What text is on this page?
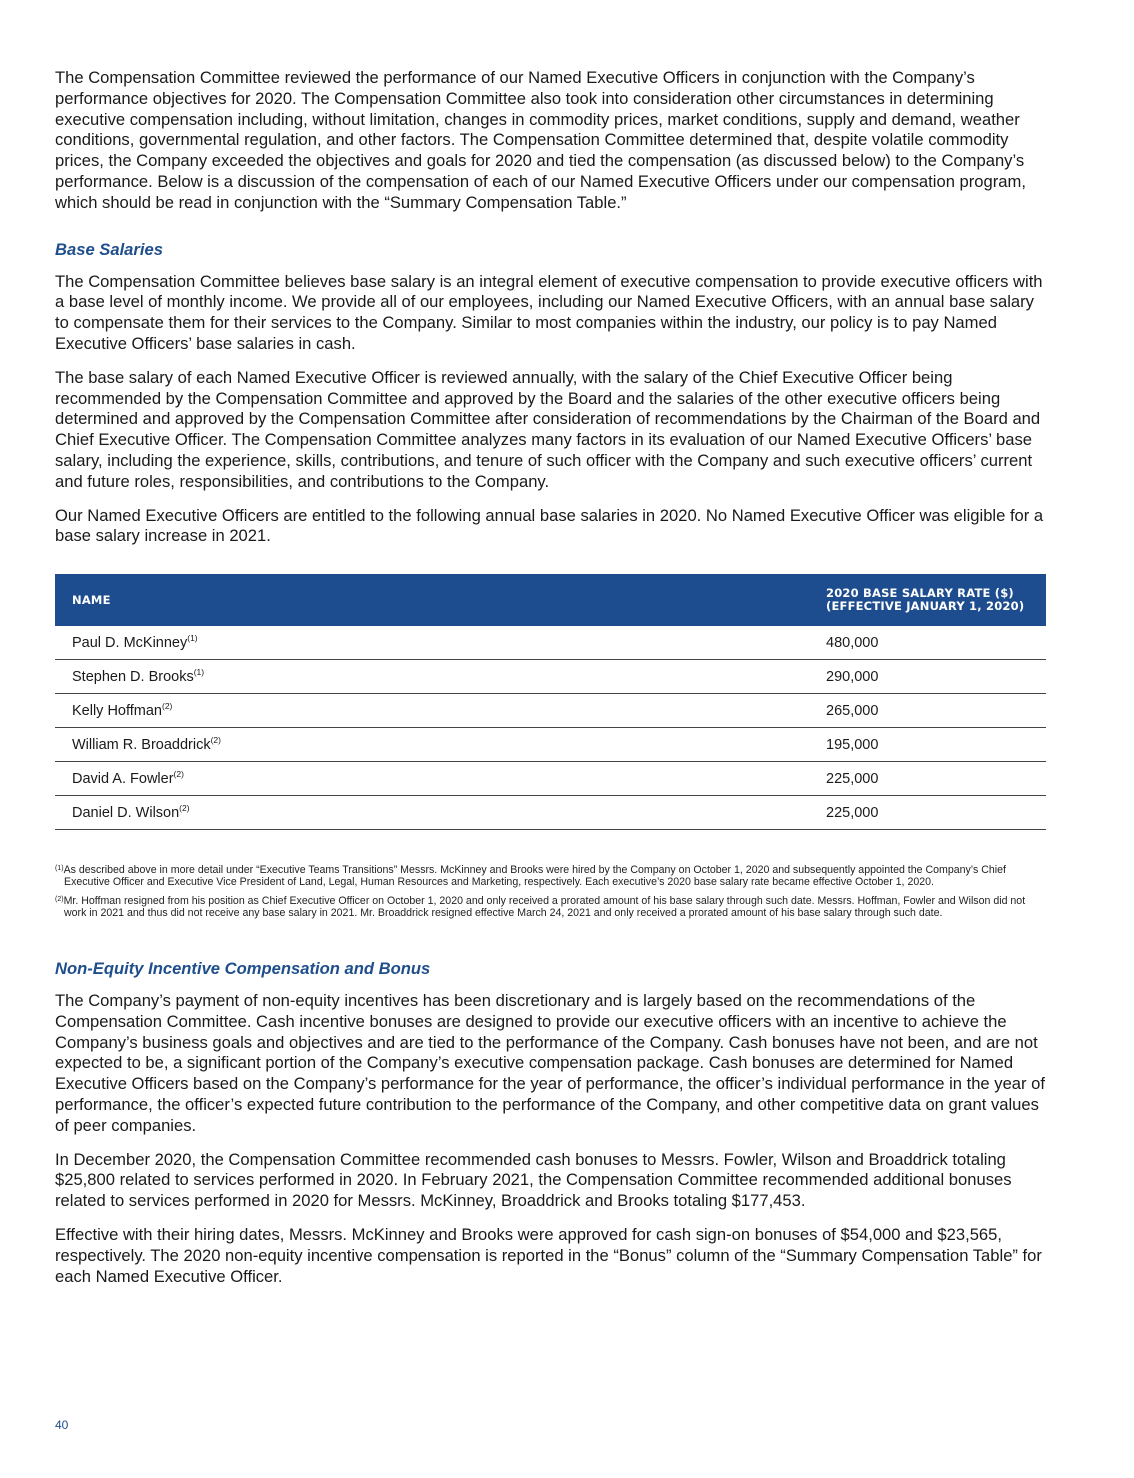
The Compensation Committee reviewed the performance of our Named Executive Officers in conjunction with the Company’s performance objectives for 2020. The Compensation Committee also took into consideration other circumstances in determining executive compensation including, without limitation, changes in commodity prices, market conditions, supply and demand, weather conditions, governmental regulation, and other factors. The Compensation Committee determined that, despite volatile commodity prices, the Company exceeded the objectives and goals for 2020 and tied the compensation (as discussed below) to the Company’s performance. Below is a discussion of the compensation of each of our Named Executive Officers under our compensation program, which should be read in conjunction with the “Summary Compensation Table.”

Base Salaries

The Compensation Committee believes base salary is an integral element of executive compensation to provide executive officers with a base level of monthly income. We provide all of our employees, including our Named Executive Officers, with an annual base salary to compensate them for their services to the Company. Similar to most companies within the industry, our policy is to pay Named Executive Officers’ base salaries in cash.

The base salary of each Named Executive Officer is reviewed annually, with the salary of the Chief Executive Officer being recommended by the Compensation Committee and approved by the Board and the salaries of the other executive officers being determined and approved by the Compensation Committee after consideration of recommendations by the Chairman of the Board and Chief Executive Officer. The Compensation Committee analyzes many factors in its evaluation of our Named Executive Officers’ base salary, including the experience, skills, contributions, and tenure of such officer with the Company and such executive officers’ current and future roles, responsibilities, and contributions to the Company.

Our Named Executive Officers are entitled to the following annual base salaries in 2020. No Named Executive Officer was eligible for a base salary increase in 2021.

NAME	2020 BASE SALARY RATE ($)
(EFFECTIVE JANUARY 1, 2020)
Paul D. McKinney$^{(1)}$	480,000
Stephen D. Brooks$^{(1)}$	290,000
Kelly Hoffman$^{(2)}$	265,000
William R. Broaddrick$^{(2)}$	195,000
David A. Fowler$^{(2)}$	225,000
Daniel D. Wilson$^{(2)}$	225,000

$^{(1)}$As described above in more detail under “Executive Teams Transitions” Messrs. McKinney and Brooks were hired by the Company on October 1, 2020 and subsequently appointed the Company’s Chief Executive Officer and Executive Vice President of Land, Legal, Human Resources and Marketing, respectively. Each executive’s 2020 base salary rate became effective October 1, 2020.

$^{(2)}$Mr. Hoffman resigned from his position as Chief Executive Officer on October 1, 2020 and only received a prorated amount of his base salary through such date. Messrs. Hoffman, Fowler and Wilson did not work in 2021 and thus did not receive any base salary in 2021. Mr. Broaddrick resigned effective March 24, 2021 and only received a prorated amount of his base salary through such date.

Non-Equity Incentive Compensation and Bonus

The Company’s payment of non-equity incentives has been discretionary and is largely based on the recommendations of the Compensation Committee. Cash incentive bonuses are designed to provide our executive officers with an incentive to achieve the Company’s business goals and objectives and are tied to the performance of the Company. Cash bonuses have not been, and are not expected to be, a significant portion of the Company’s executive compensation package. Cash bonuses are determined for Named Executive Officers based on the Company’s performance for the year of performance, the officer’s individual performance in the year of performance, the officer’s expected future contribution to the performance of the Company, and other competitive data on grant values of peer companies.

In December 2020, the Compensation Committee recommended cash bonuses to Messrs. Fowler, Wilson and Broaddrick totaling $25,800 related to services performed in 2020. In February 2021, the Compensation Committee recommended additional bonuses related to services performed in 2020 for Messrs. McKinney, Broaddrick and Brooks totaling $177,453.

Effective with their hiring dates, Messrs. McKinney and Brooks were approved for cash sign-on bonuses of $54,000 and $23,565, respectively. The 2020 non-equity incentive compensation is reported in the “Bonus” column of the “Summary Compensation Table” for each Named Executive Officer.

40
